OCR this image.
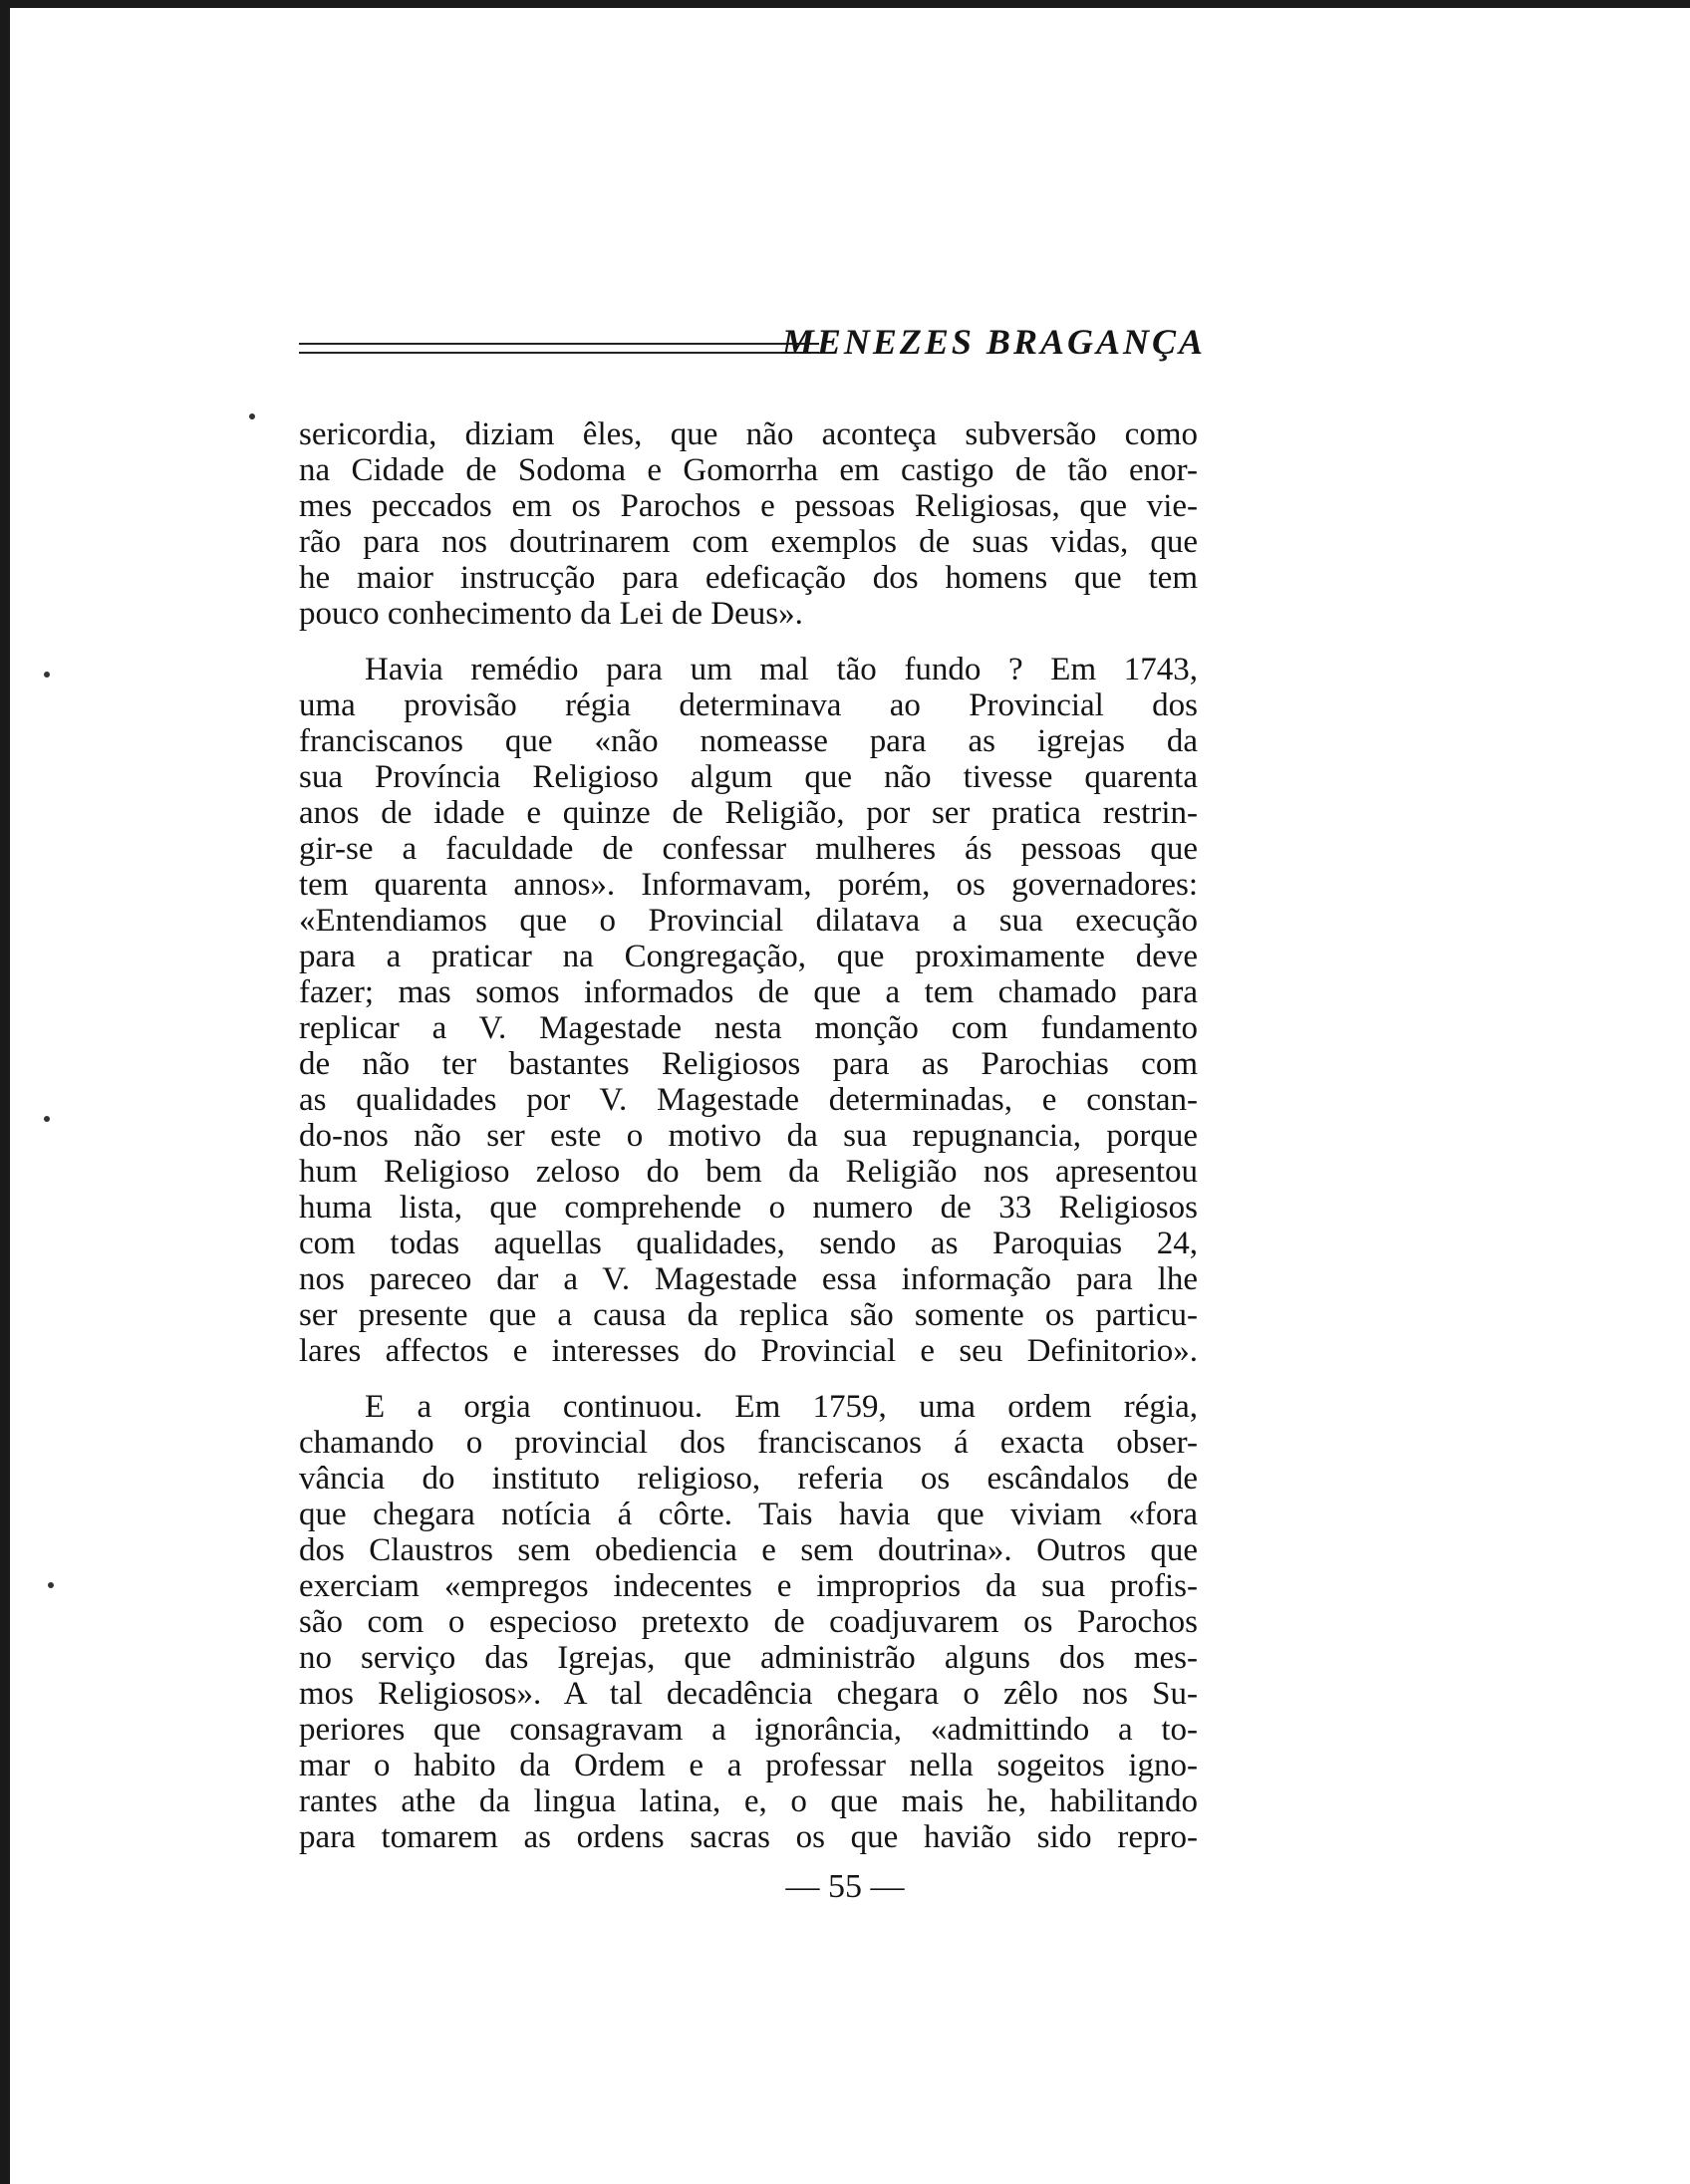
MENEZES BRAGANÇA
sericordia, diziam êles, que não aconteça subversão como
na Cidade de Sodoma e Gomorrha em castigo de tão enor-
mes peccados em os Parochos e pessoas Religiosas, que vie-
rão para nos doutrinarem com exemplos de suas vidas, que
he maior instrucção para edeficação dos homens que tem
pouco conhecimento da Lei de Deus».
Havia remédio para um mal tão fundo ? Em 1743,
uma provisão régia determinava ao Provincial dos
franciscanos que «não nomeasse para as igrejas da
sua Província Religioso algum que não tivesse quarenta
anos de idade e quinze de Religião, por ser pratica restrin-
gir-se a faculdade de confessar mulheres ás pessoas que
tem quarenta annos». Informavam, porém, os governadores:
«Entendiamos que o Provincial dilatava a sua execução
para a praticar na Congregação, que proximamente deve
fazer; mas somos informados de que a tem chamado para
replicar a V. Magestade nesta monção com fundamento
de não ter bastantes Religiosos para as Parochias com
as qualidades por V. Magestade determinadas, e constan-
do-nos não ser este o motivo da sua repugnancia, porque
hum Religioso zeloso do bem da Religião nos apresentou
huma lista, que comprehende o numero de 33 Religiosos
com todas aquellas qualidades, sendo as Paroquias 24,
nos pareceo dar a V. Magestade essa informação para lhe
ser presente que a causa da replica são somente os particu-
lares affectos e interesses do Provincial e seu Definitorio».
E a orgia continuou. Em 1759, uma ordem régia,
chamando o provincial dos franciscanos á exacta obser-
vância do instituto religioso, referia os escândalos de
que chegara notícia á côrte. Tais havia que viviam «fora
dos Claustros sem obediencia e sem doutrina». Outros que
exerciam «empregos indecentes e improprios da sua profis-
são com o especioso pretexto de coadjuvarem os Parochos
no serviço das Igrejas, que administrão alguns dos mes-
mos Religiosos». A tal decadência chegara o zêlo nos Su-
periores que consagravam a ignorância, «admittindo a to-
mar o habito da Ordem e a professar nella sogeitos igno-
rantes athe da lingua latina, e, o que mais he, habilitando
para tomarem as ordens sacras os que havião sido repro-
— 55 —
